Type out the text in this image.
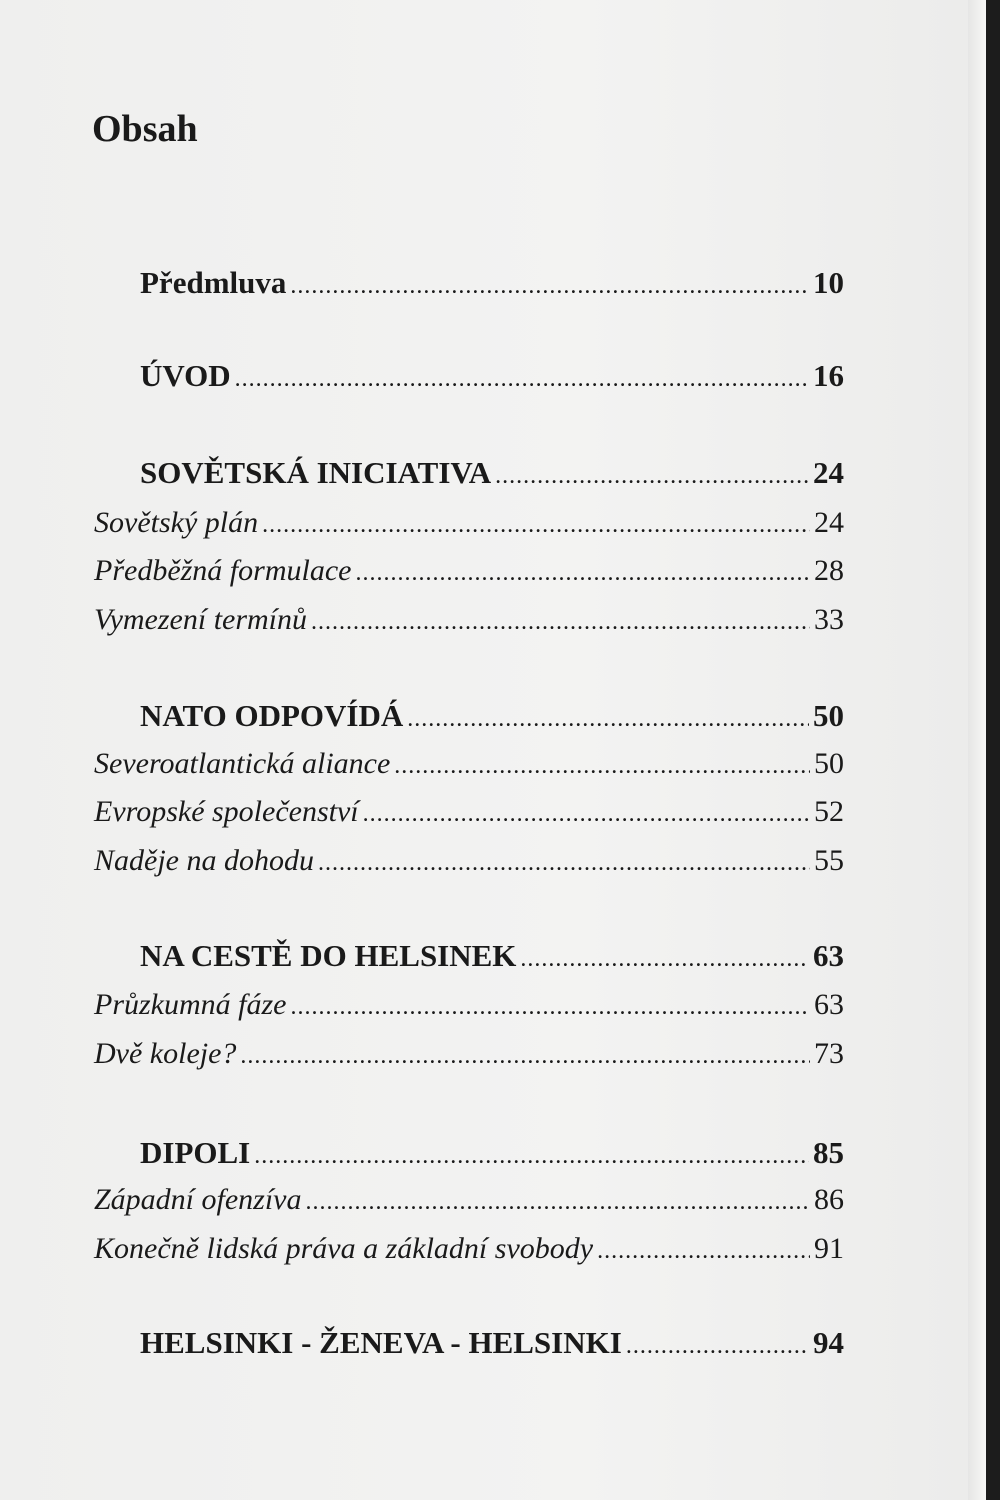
Obsah
Předmluva .....	10
ÚVOD .....	16
SOVĚTSKÁ INICIATIVA .....	24
Sovětský plán .....	24
Předběžná formulace .....	28
Vymezení termínů .....	33
NATO ODPOVÍDÁ .....	50
Severoatlantická aliance .....	50
Evropské společenství .....	52
Naděje na dohodu .....	55
NA CESTĚ DO HELSINEK .....	63
Průzkumná fáze .....	63
Dvě koleje? .....	73
DIPOLI .....	85
Západní ofenzíva .....	86
Konečně lidská práva a základní svobody .....	91
HELSINKI - ŽENEVA - HELSINKI .....	94
